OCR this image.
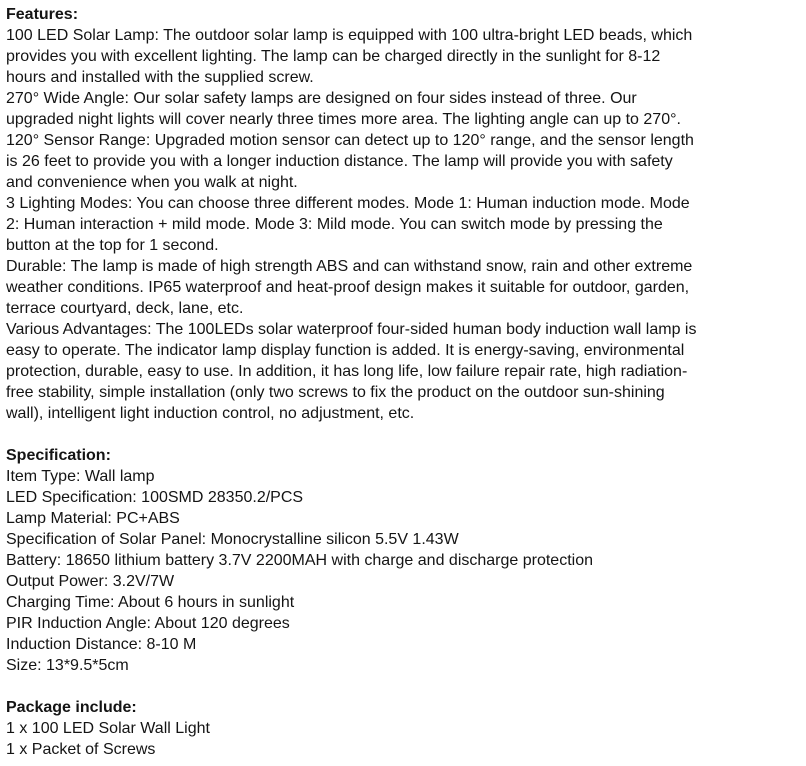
Features:
100 LED Solar Lamp: The outdoor solar lamp is equipped with 100 ultra-bright LED beads, which
provides you with excellent lighting. The lamp can be charged directly in the sunlight for 8-12
hours and installed with the supplied screw.
270° Wide Angle: Our solar safety lamps are designed on four sides instead of three. Our
upgraded night lights will cover nearly three times more area. The lighting angle can up to 270°.
120° Sensor Range: Upgraded motion sensor can detect up to 120° range, and the sensor length
is 26 feet to provide you with a longer induction distance. The lamp will provide you with safety
and convenience when you walk at night.
3 Lighting Modes: You can choose three different modes. Mode 1: Human induction mode. Mode
2: Human interaction + mild mode. Mode 3: Mild mode. You can switch mode by pressing the
button at the top for 1 second.
Durable: The lamp is made of high strength ABS and can withstand snow, rain and other extreme
weather conditions. IP65 waterproof and heat-proof design makes it suitable for outdoor, garden,
terrace courtyard, deck, lane, etc.
Various Advantages: The 100LEDs solar waterproof four-sided human body induction wall lamp is
easy to operate. The indicator lamp display function is added. It is energy-saving, environmental
protection, durable, easy to use. In addition, it has long life, low failure repair rate, high radiation-
free stability, simple installation (only two screws to fix the product on the outdoor sun-shining
wall), intelligent light induction control, no adjustment, etc.
Specification:
Item Type: Wall lamp
LED Specification: 100SMD 28350.2/PCS
Lamp Material: PC+ABS
Specification of Solar Panel: Monocrystalline silicon 5.5V 1.43W
Battery: 18650 lithium battery 3.7V 2200MAH with charge and discharge protection
Output Power: 3.2V/7W
Charging Time: About 6 hours in sunlight
PIR Induction Angle: About 120 degrees
Induction Distance: 8-10 M
Size: 13*9.5*5cm
Package include:
1 x 100 LED Solar Wall Light
1 x Packet of Screws
